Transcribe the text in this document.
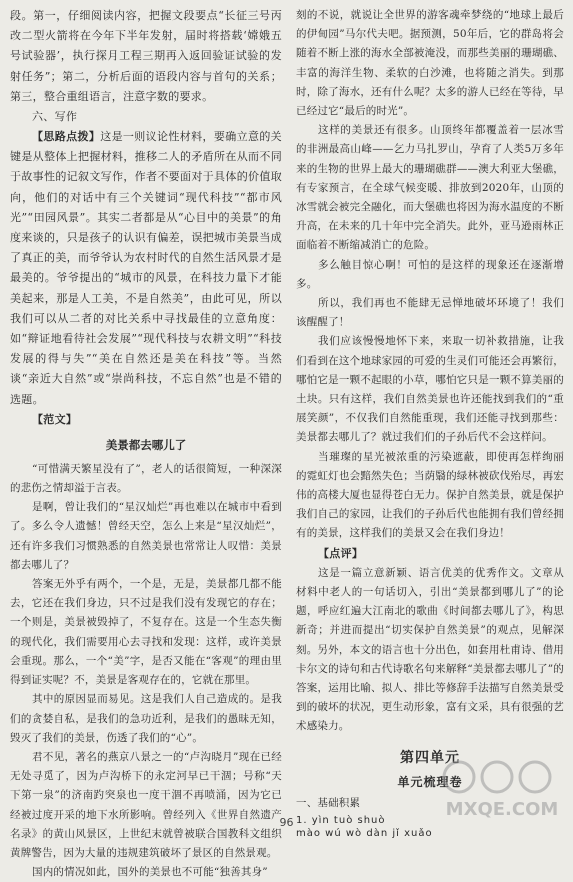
段。第一，仔细阅读内容，把握文段要点“长征三号丙改二型火箭将在今年下半年发射，届时将搭载‘嫦娥五号试验器’，执行探月工程三期再入返回验证试验的发射任务”；第二，分析后面的语段内容与首句的关系；第三，整合重组语言，注意字数的要求。

六、写作

【思路点拨】这是一则议论性材料，要确立意的关键是从整体上把握材料，推移二人的矛盾所在从而不同于故事性的记叙文写作，作者不要面对于具体的价值取向，他们的对话中有三个关键词“现代科技”“都市风光”“田园风景”。其实二者都是从“心目中的美景”的角度来谈的，只是孩子的认识有偏差，误把城市美景当成了真正的美，而爷爷认为农村时代的自然生活风景才是最美的。爷爷提出的“城市的风景，在科技力量下才能美起来，那是人工美，不是自然美”，由此可见，所以我们可以从二者的对比关系中寻找最佳的立意角度：如“辩证地看待社会发展”“现代科技与农耕文明”“科技发展的得与失”“美在自然还是美在科技”等。当然谈“亲近大自然”或“崇尚科技，不忘自然”也是不错的选题。

【范文】

美景都去哪儿了

“可惜满天繁星没有了”，老人的话很简短，一种深深的悲伤之情却溢于言表。

是啊，曾让我们的“星汉灿烂”再也难以在城市中看到了。多么令人遗憾！曾经天空，怎么上来是“星汉灿烂”，还有许多我们习惯熟悉的自然美景也常常让人叹惜：美景都去哪儿了？

答案无外乎有两个，一个是，无是，美景都几都不能去，它还在我们身边，只不过是我们没有发现它的存在；一个则是，美景被毁掉了，不复存在。这是一个生态失衡的现代化，我们需要用心去寻找和发现：这样，或许美景会重现。那么，一个“美”字，是否又能在“客观”的理由里得到证实呢？不，美景是客观存在的，它就在那里。

其中的原因显而易见。这是我们人自己造成的。是我们的贪婪自私，是我们的急功近利，是我们的愚昧无知，毁灭了我们的美景，伤透了我们的“心”。

君不见，著名的燕京八景之一的“卢沟晓月”现在已经无处寻觅了，因为卢沟桥下的永定河早已干涸；号称“天下第一泉”的济南趵突泉也一度干涸不再喷涌，因为它已经被过度开采的地下水所影响。曾经列入《世界自然遗产名录》的黄山风景区，上世纪末就曾被联合国教科文组织黄牌警告，因为大量的违规建筑破坏了景区的自然景观。

国内的情况如此，国外的美景也不可能“独善其身”

刻的不说，就说让全世界的游客魂牵梦绕的“地球上最后的伊甸园”马尔代夫吧。据预测，50年后，它的群岛将会随着不断上涨的海水全部被淹没，而那些美丽的珊瑚礁、丰富的海洋生物、柔软的白沙滩，也将随之消失。到那时，除了海水，还有什么呢？太多的游人已经在等待，早已经过它“最后的时光”。

这样的美景还有很多。山顶终年都覆盖着一层冰雪的非洲最高山峰——乞力马扎罗山，孕育了人类5万多年来的生物的世界上最大的珊瑚礁群——澳大利亚大堡礁，有专家预言，在全球气候变暖、排放到2020年，山顶的冰雪就会被完全融化，而大堡礁也将因为海水温度的不断升高，在未来的几十年中完全消失。此外，亚马逊雨林正面临着不断缩减消亡的危险。

多么触目惊心啊！可怕的是这样的现象还在逐渐增多。

所以，我们再也不能肆无忌惮地破坏环境了！我们该醒醒了！

我们应该慢慢地怀下来，来取一切补救措施，让我们看到在这个地球家园的可爱的生灵们可能还会再繁衍，哪怕它是一颗不起眼的小草，哪怕它只是一颗不算美丽的土块。只有这样，我们自然美景也许还能找到我们的“重展笑颜”，不仅我们自然能重现，我们还能寻找到那些：美景都去哪儿了？就过我们们的子孙后代不会这样问。

当璀璨的星光被浓重的污染遮蔽，即使再怎样绚丽的霓虹灯也会黯然失色；当荫翳的绿林被砍伐殆尽，再宏伟的高楼大厦也显得苍白无力。保护自然美景，就是保护我们自己的家园，让我们的子孙后代也能拥有我们曾经拥有的美景，这样我们的美景又会在我们身边！

【点评】

这是一篇立意新颖、语言优美的优秀作文。文章从材料中老人的一句话切入，引出“美景都到哪儿了”的论题，呼应红遍大江南北的歌曲《时间都去哪儿了》，构思新奇；并进而提出“切实保护自然美景”的观点，见解深刻。另外，本文的语言也十分出色，如套用杜甫诗、借用卡尔文的诗句和古代诗歌名句来解释“美景都去哪儿了”的答案，运用比喻、拟人、排比等修辞手法描写自然美景受到的破坏的状况，更生动形象，富有文采，具有很强的艺术感染力。

第四单元
单元梳理卷

一、基础积累

1. yìn tuò shuò
mào wú wò dàn jǐ xuǎo
MXQE.COM
96
